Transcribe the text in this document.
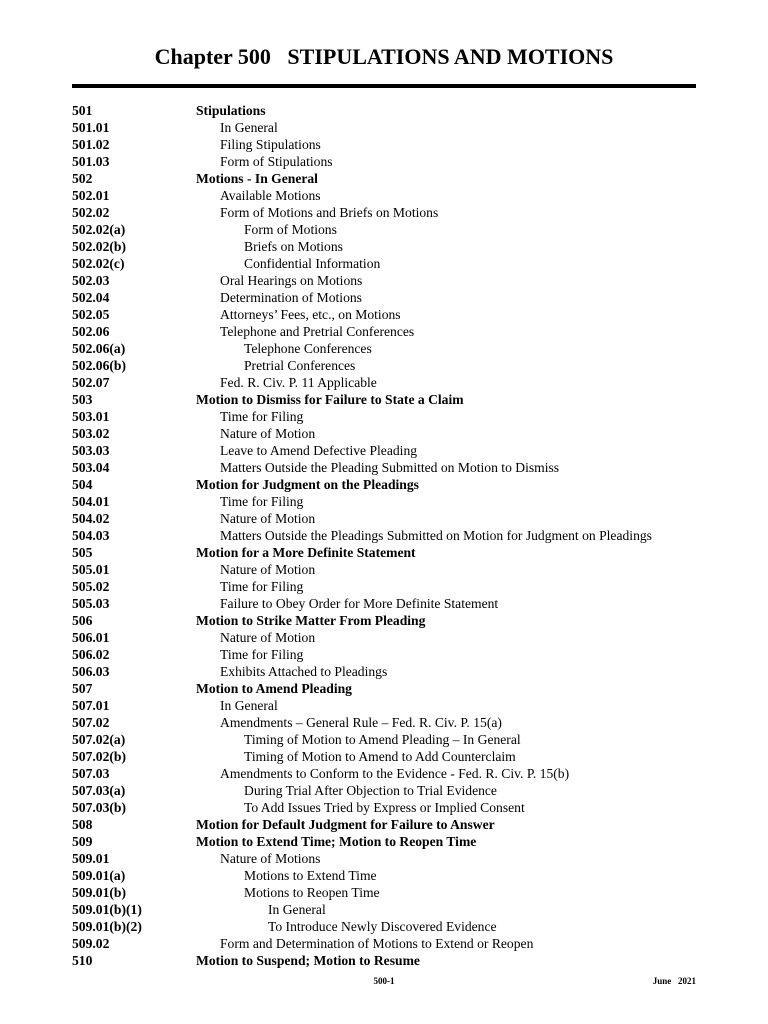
Chapter 500   STIPULATIONS AND MOTIONS
501	Stipulations
501.01	In General
501.02	Filing Stipulations
501.03	Form of Stipulations
502	Motions - In General
502.01	Available Motions
502.02	Form of Motions and Briefs on Motions
502.02(a)	Form of Motions
502.02(b)	Briefs on Motions
502.02(c)	Confidential Information
502.03	Oral Hearings on Motions
502.04	Determination of Motions
502.05	Attorneys’ Fees, etc., on Motions
502.06	Telephone and Pretrial Conferences
502.06(a)	Telephone Conferences
502.06(b)	Pretrial Conferences
502.07	Fed. R. Civ. P. 11 Applicable
503	Motion to Dismiss for Failure to State a Claim
503.01	Time for Filing
503.02	Nature of Motion
503.03	Leave to Amend Defective Pleading
503.04	Matters Outside the Pleading Submitted on Motion to Dismiss
504	Motion for Judgment on the Pleadings
504.01	Time for Filing
504.02	Nature of Motion
504.03	Matters Outside the Pleadings Submitted on Motion for Judgment on Pleadings
505	Motion for a More Definite Statement
505.01	Nature of Motion
505.02	Time for Filing
505.03	Failure to Obey Order for More Definite Statement
506	Motion to Strike Matter From Pleading
506.01	Nature of Motion
506.02	Time for Filing
506.03	Exhibits Attached to Pleadings
507	Motion to Amend Pleading
507.01	In General
507.02	Amendments – General Rule – Fed. R. Civ. P. 15(a)
507.02(a)	Timing of Motion to Amend Pleading – In General
507.02(b)	Timing of Motion to Amend to Add Counterclaim
507.03	Amendments to Conform to the Evidence - Fed. R. Civ. P. 15(b)
507.03(a)	During Trial After Objection to Trial Evidence
507.03(b)	To Add Issues Tried by Express or Implied Consent
508	Motion for Default Judgment for Failure to Answer
509	Motion to Extend Time; Motion to Reopen Time
509.01	Nature of Motions
509.01(a)	Motions to Extend Time
509.01(b)	Motions to Reopen Time
509.01(b)(1)	In General
509.01(b)(2)	To Introduce Newly Discovered Evidence
509.02	Form and Determination of Motions to Extend or Reopen
510	Motion to Suspend; Motion to Resume
500-1	June   2021
